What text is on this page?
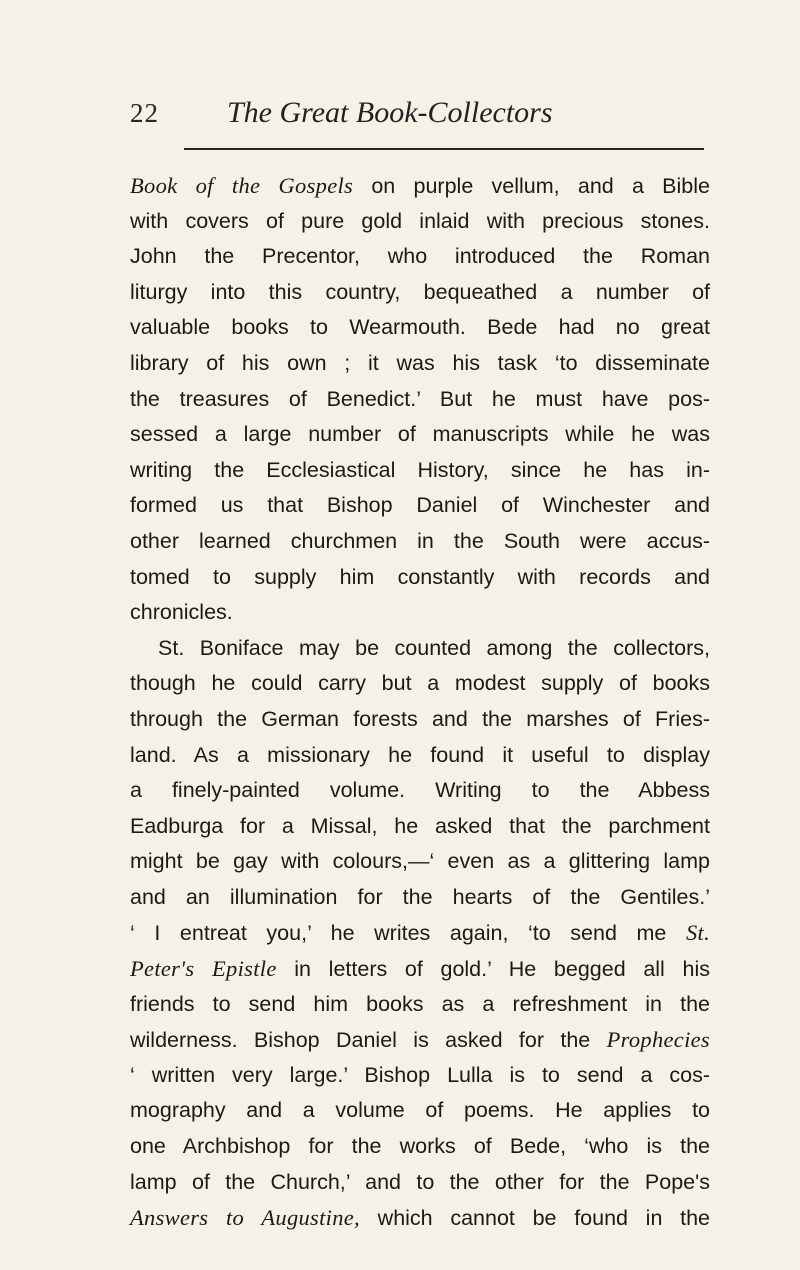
22 The Great Book-Collectors
Book of the Gospels on purple vellum, and a Bible
with covers of pure gold inlaid with precious stones.
John the Precentor, who introduced the Roman
liturgy into this country, bequeathed a number of
valuable books to Wearmouth. Bede had no great
library of his own ; it was his task ‘to disseminate
the treasures of Benedict.’ But he must have pos-
sessed a large number of manuscripts while he was
writing the Ecclesiastical History, since he has in-
formed us that Bishop Daniel of Winchester and
other learned churchmen in the South were accus-
tomed to supply him constantly with records and
chronicles.
St. Boniface may be counted among the collectors,
though he could carry but a modest supply of books
through the German forests and the marshes of Fries-
land. As a missionary he found it useful to display
a finely-painted volume. Writing to the Abbess
Eadburga for a Missal, he asked that the parchment
might be gay with colours,—‘ even as a glittering lamp
and an illumination for the hearts of the Gentiles.’
‘ I entreat you,’ he writes again, ‘to send me St.
Peter's Epistle in letters of gold.’ He begged all his
friends to send him books as a refreshment in the
wilderness. Bishop Daniel is asked for the Prophecies
‘ written very large.’ Bishop Lulla is to send a cos-
mography and a volume of poems. He applies to
one Archbishop for the works of Bede, ‘who is the
lamp of the Church,’ and to the other for the Pope's
Answers to Augustine, which cannot be found in the
